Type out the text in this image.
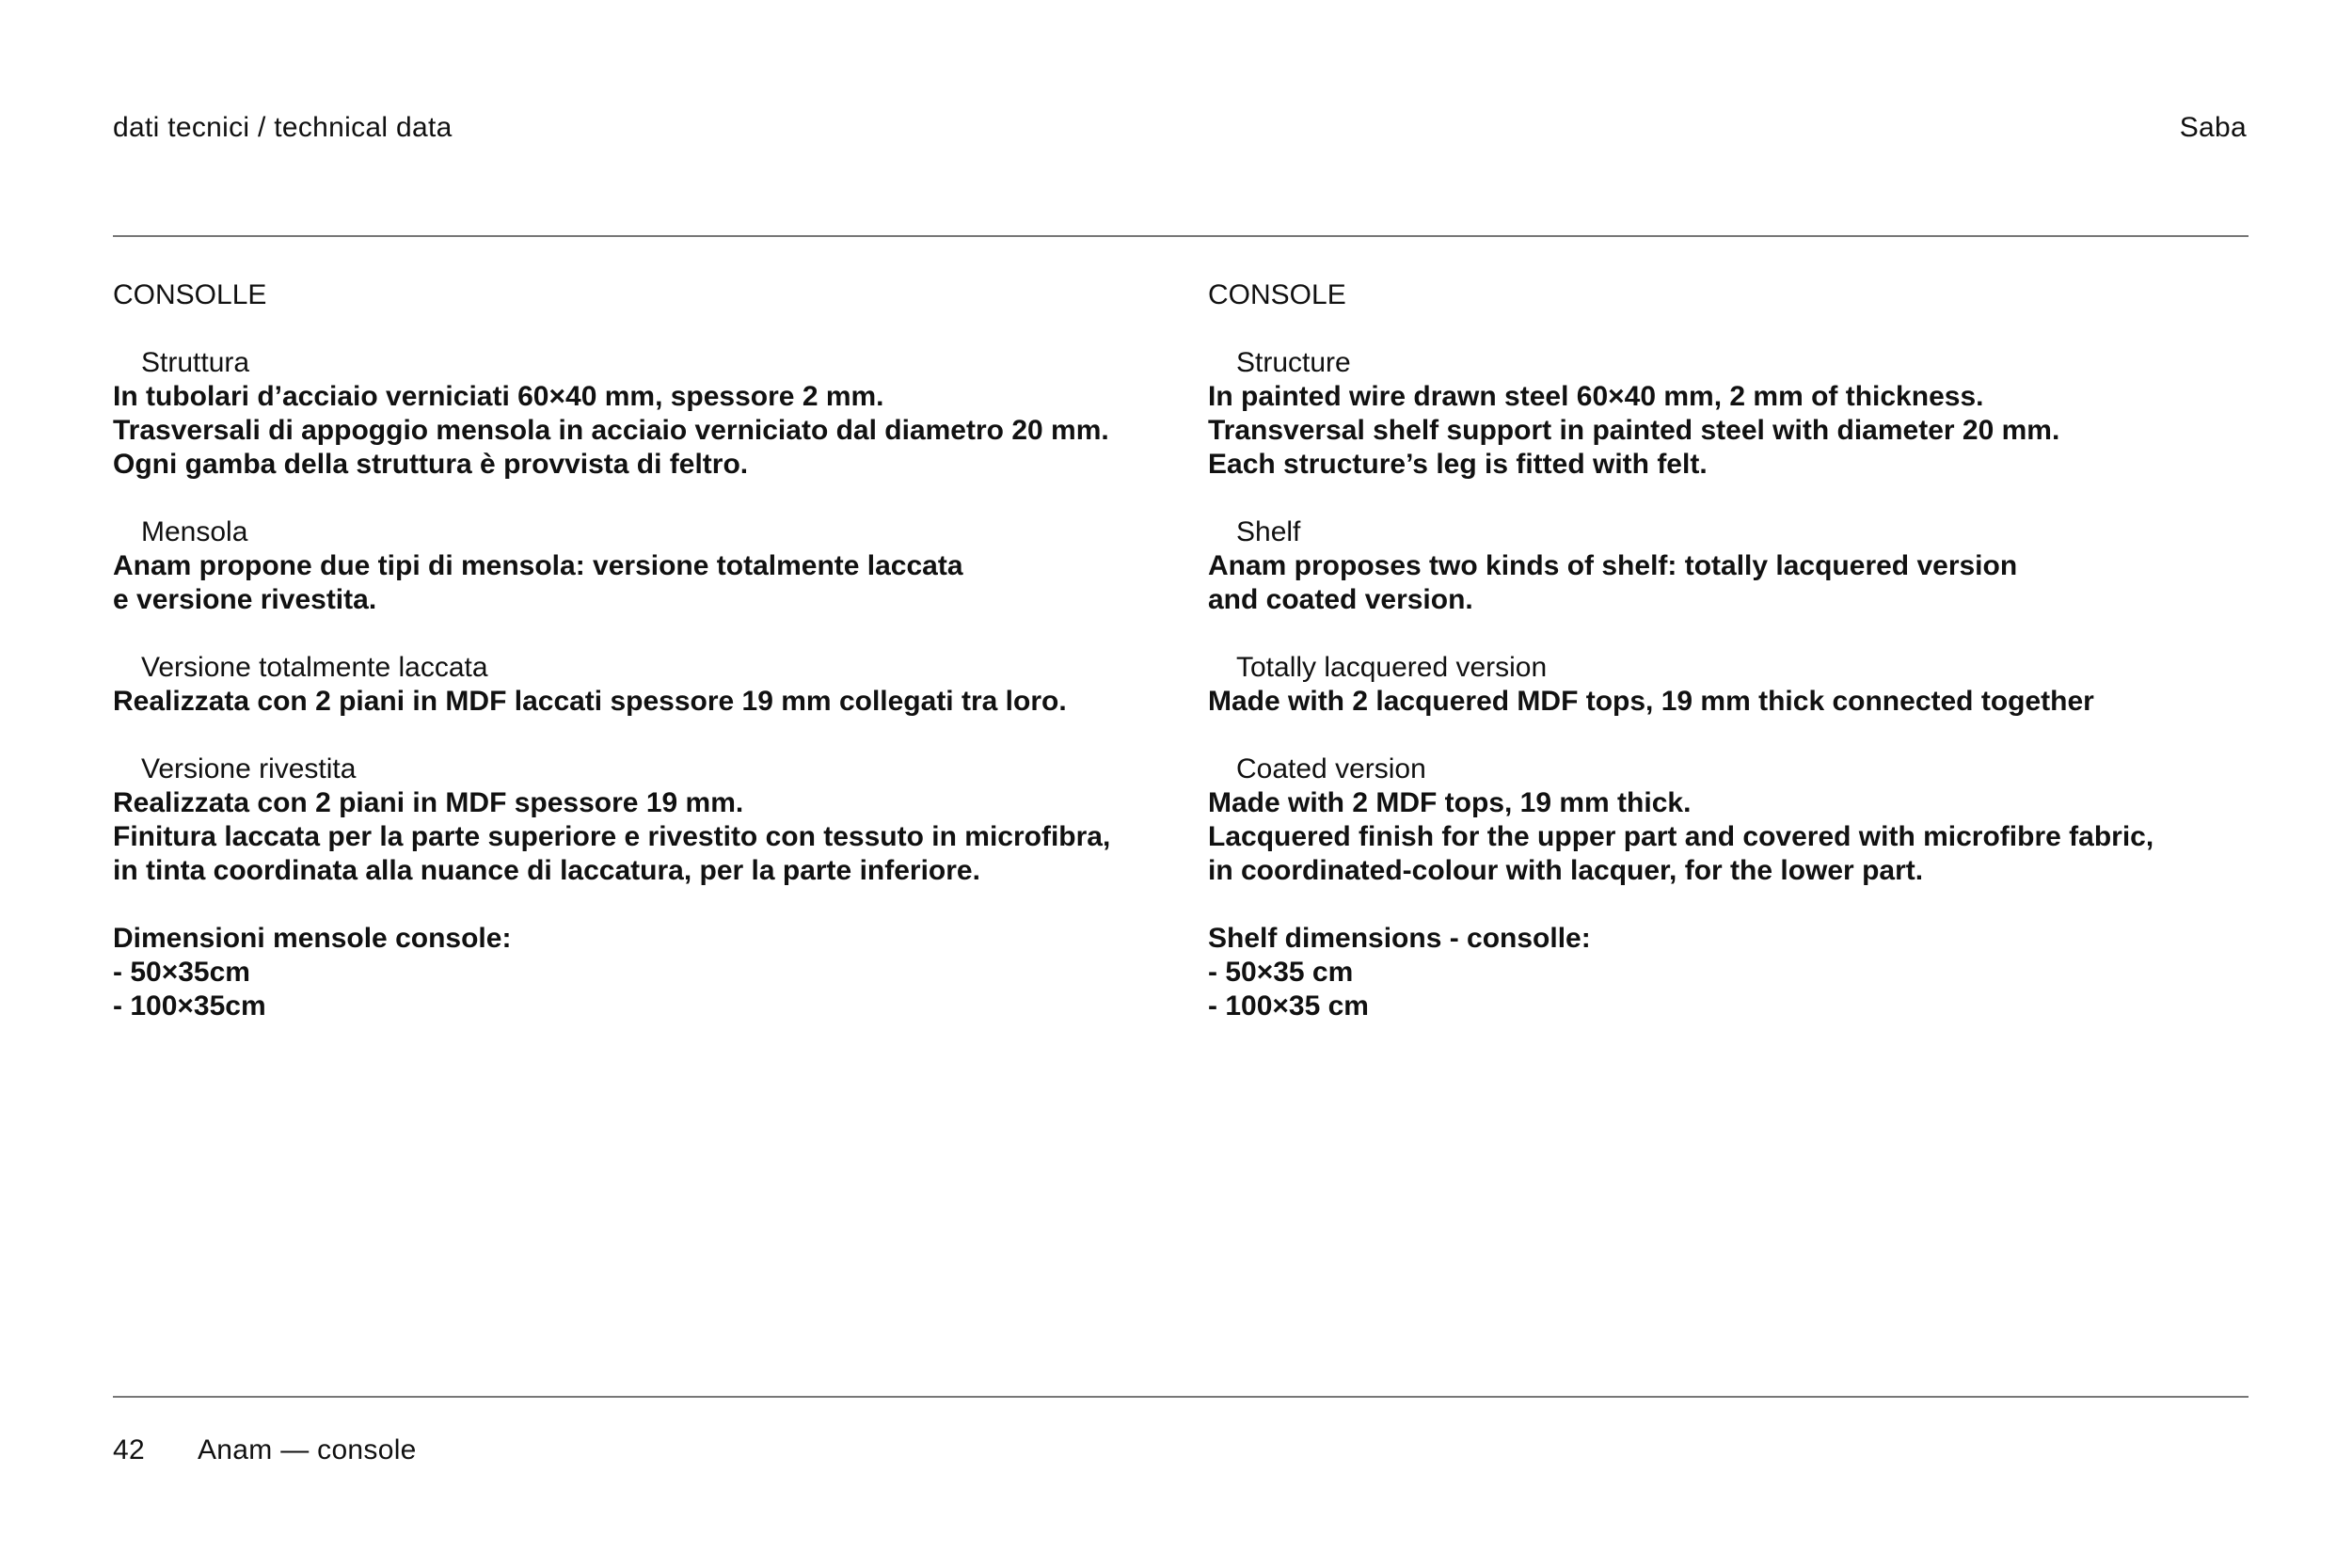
dati tecnici / technical data	Saba
CONSOLLE
Struttura
In tubolari d’acciaio verniciati 60×40 mm, spessore 2 mm.
Trasversali di appoggio mensola in acciaio verniciato dal diametro 20 mm.
Ogni gamba della struttura è provvista di feltro.
Mensola
Anam propone due tipi di mensola: versione totalmente laccata
e versione rivestita.
Versione totalmente laccata
Realizzata con 2 piani in MDF laccati spessore 19 mm collegati tra loro.
Versione rivestita
Realizzata con 2 piani in MDF spessore 19 mm.
Finitura laccata per la parte superiore e rivestito con tessuto in microfibra,
in tinta coordinata alla nuance di laccatura, per la parte inferiore.
Dimensioni mensole console:
- 50×35cm
- 100×35cm
CONSOLE
Structure
In painted wire drawn steel 60×40 mm, 2 mm of thickness.
Transversal shelf support in painted steel with diameter 20 mm.
Each structure’s leg is fitted with felt.
Shelf
Anam proposes two kinds of shelf: totally lacquered version
and coated version.
Totally lacquered version
Made with 2 lacquered MDF tops, 19 mm thick connected together
Coated version
Made with 2 MDF tops, 19 mm thick.
Lacquered finish for the upper part and covered with microfibre fabric,
in coordinated-colour with lacquer, for the lower part.
Shelf dimensions - consolle:
- 50×35 cm
- 100×35 cm
42 Anam — console
